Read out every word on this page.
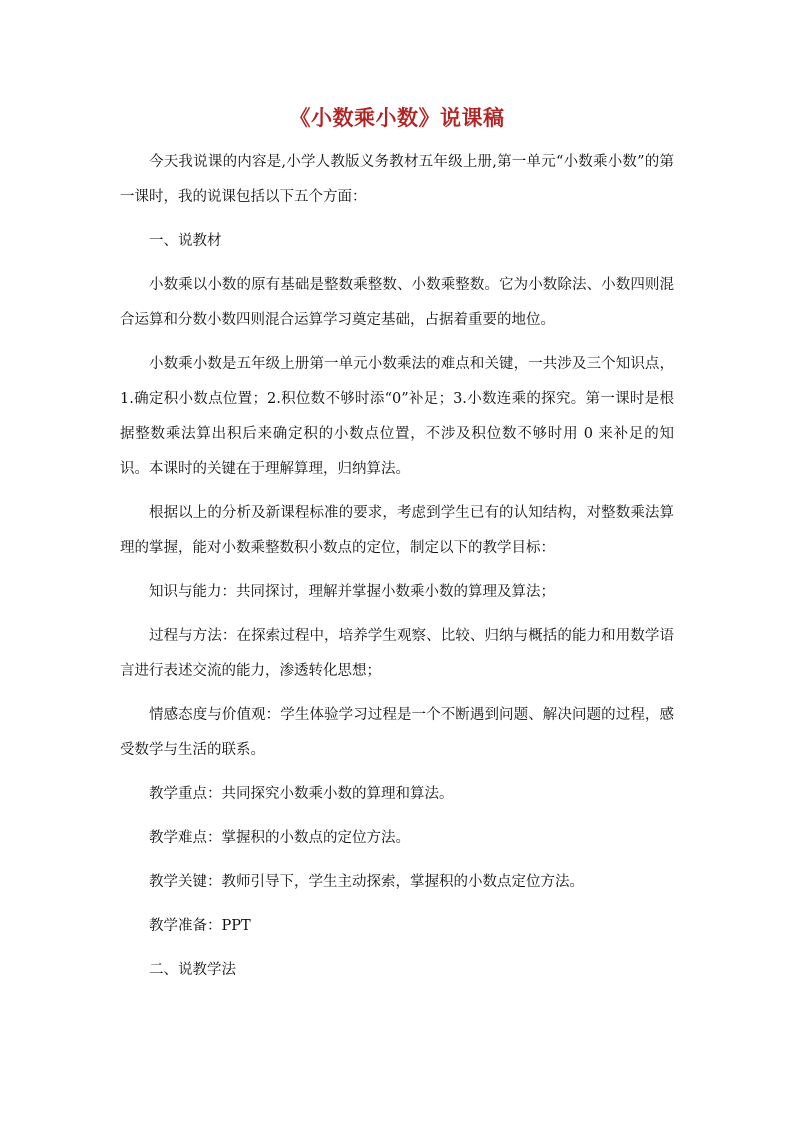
《小数乘小数》说课稿

今天我说课的内容是,小学人教版义务教材五年级上册,第一单元“小数乘小数”的第一课时，我的说课包括以下五个方面：

一、说教材

小数乘以小数的原有基础是整数乘整数、小数乘整数。它为小数除法、小数四则混合运算和分数小数四则混合运算学习奠定基础，占据着重要的地位。

小数乘小数是五年级上册第一单元小数乘法的难点和关键，一共涉及三个知识点，1.确定积小数点位置；2.积位数不够时添“0”补足；3.小数连乘的探究。第一课时是根据整数乘法算出积后来确定积的小数点位置，不涉及积位数不够时用 0 来补足的知识。本课时的关键在于理解算理，归纳算法。

根据以上的分析及新课程标准的要求，考虑到学生已有的认知结构，对整数乘法算理的掌握，能对小数乘整数积小数点的定位，制定以下的教学目标：

知识与能力：共同探讨，理解并掌握小数乘小数的算理及算法；

过程与方法：在探索过程中，培养学生观察、比较、归纳与概括的能力和用数学语言进行表述交流的能力，渗透转化思想；

情感态度与价值观：学生体验学习过程是一个不断遇到问题、解决问题的过程，感受数学与生活的联系。

教学重点：共同探究小数乘小数的算理和算法。

教学难点：掌握积的小数点的定位方法。

教学关键：教师引导下，学生主动探索，掌握积的小数点定位方法。

教学准备：PPT

二、说教学法
